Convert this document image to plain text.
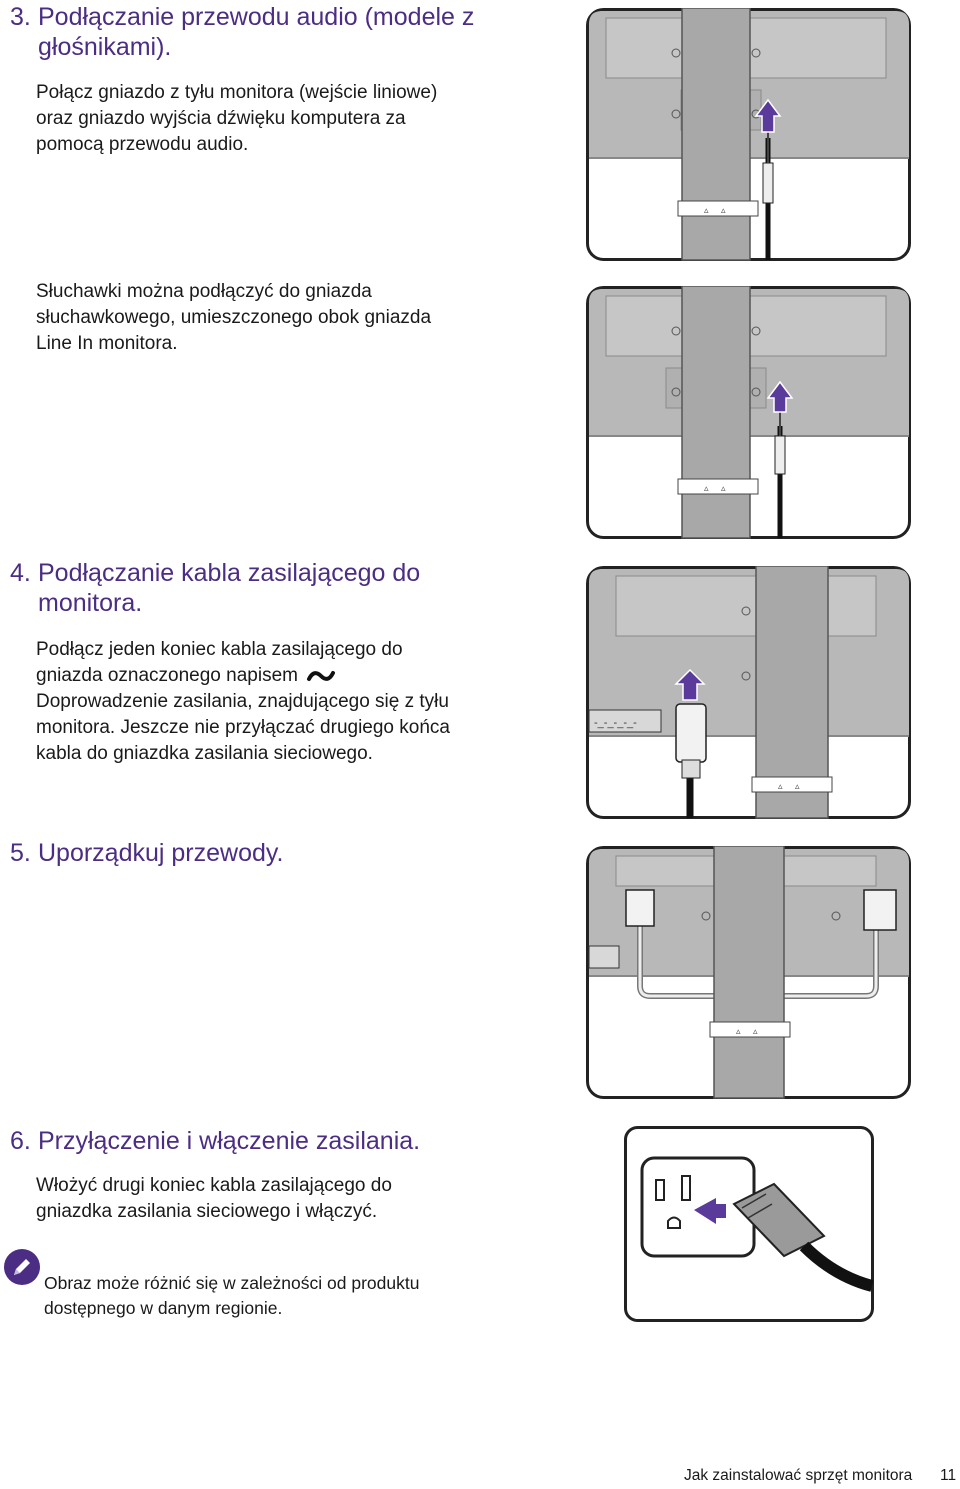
3. Podłączanie przewodu audio (modele z
głośnikami).
Połącz gniazdo z tyłu monitora (wejście liniowe)
oraz gniazdo wyjścia dźwięku komputera za
pomocą przewodu audio.
Słuchawki można podłączyć do gniazda
słuchawkowego, umieszczonego obok gniazda
Line In monitora.
▵ ▵
▵ ▵
4. Podłączanie kabla zasilającego do
monitora.
Podłącz jeden koniec kabla zasilającego do
gniazda oznaczonego napisem
Doprowadzenie zasilania, znajdującego się z tyłu
monitora. Jeszcze nie przyłączać drugiego końca
kabla do gniazdka zasilania sieciowego.
-_-_-_-_-
▵ ▵
5. Uporządkuj przewody.
▵ ▵
6. Przyłączenie i włączenie zasilania.
Włożyć drugi koniec kabla zasilającego do
gniazdka zasilania sieciowego i włączyć.
Obraz może różnić się w zależności od produktu
dostępnego w danym regionie.
Jak zainstalować sprzęt monitora 11
